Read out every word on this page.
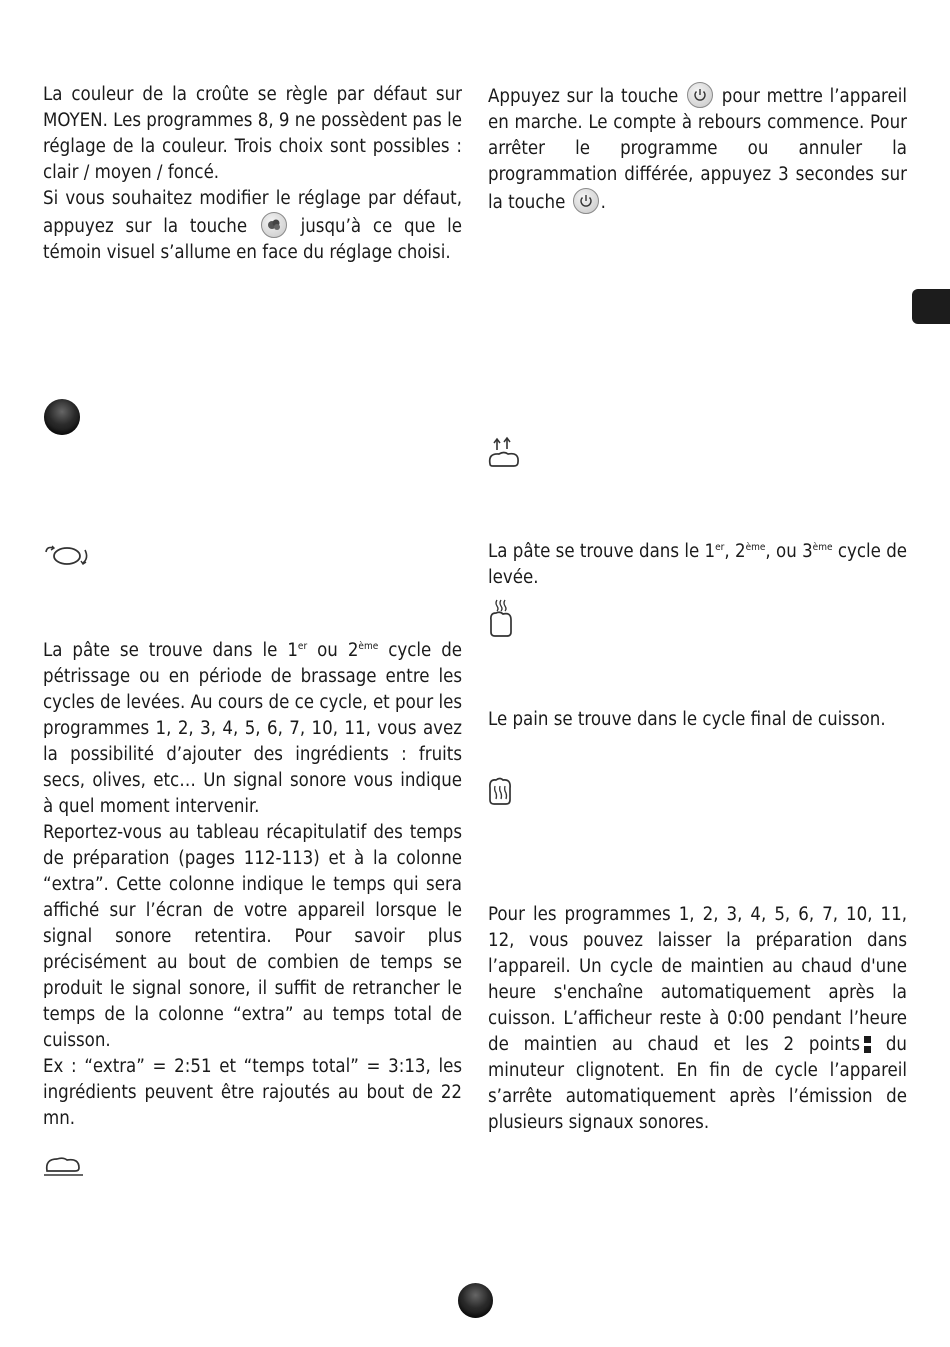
La couleur de la croûte se règle par défaut sur MOYEN. Les programmes 8, 9 ne possèdent pas le réglage de la couleur. Trois choix sont possibles : clair / moyen / foncé.
Si vous souhaitez modifier le réglage par défaut, appuyez sur la touche	jusqu’à ce que le témoin visuel s’allume en face du réglage choisi.

La pâte se trouve dans le 1er ou 2ème cycle de pétrissage ou en période de brassage entre les cycles de levées. Au cours de ce cycle, et pour les programmes 1, 2, 3, 4, 5, 6, 7, 10, 11, vous avez la possibilité d’ajouter des ingrédients : fruits secs, olives, etc… Un signal sonore vous indique à quel moment intervenir.
Reportez-vous au tableau récapitulatif des temps de préparation (pages 112-113) et à la colonne “extra”. Cette colonne indique le temps qui sera affiché sur l’écran de votre appareil lorsque le signal sonore retentira. Pour savoir plus précisément au bout de combien de temps se produit le signal sonore, il suffit de retrancher le temps de la colonne “extra” au temps total de cuisson.
Ex : “extra” = 2:51 et “temps total” = 3:13, les ingrédients peuvent être rajoutés au bout de 22 mn.

Appuyez sur la touche pour mettre l’appareil en marche. Le compte à rebours commence. Pour arrêter le programme ou annuler la programmation différée, appuyez 3 secondes sur la touche .

La pâte se trouve dans le 1er, 2ème, ou 3ème cycle de levée.

Le pain se trouve dans le cycle final de cuisson.

Pour les programmes 1, 2, 3, 4, 5, 6, 7, 10, 11, 12, vous pouvez laisser la préparation dans l’appareil. Un cycle de maintien au chaud d'une heure s'enchaîne automatiquement après la cuisson. L’afficheur reste à 0:00 pendant l’heure de maintien au chaud et les 2 points du minuteur clignotent. En fin de cycle l’appareil s’arrête automatiquement après l’émission de plusieurs signaux sonores.
